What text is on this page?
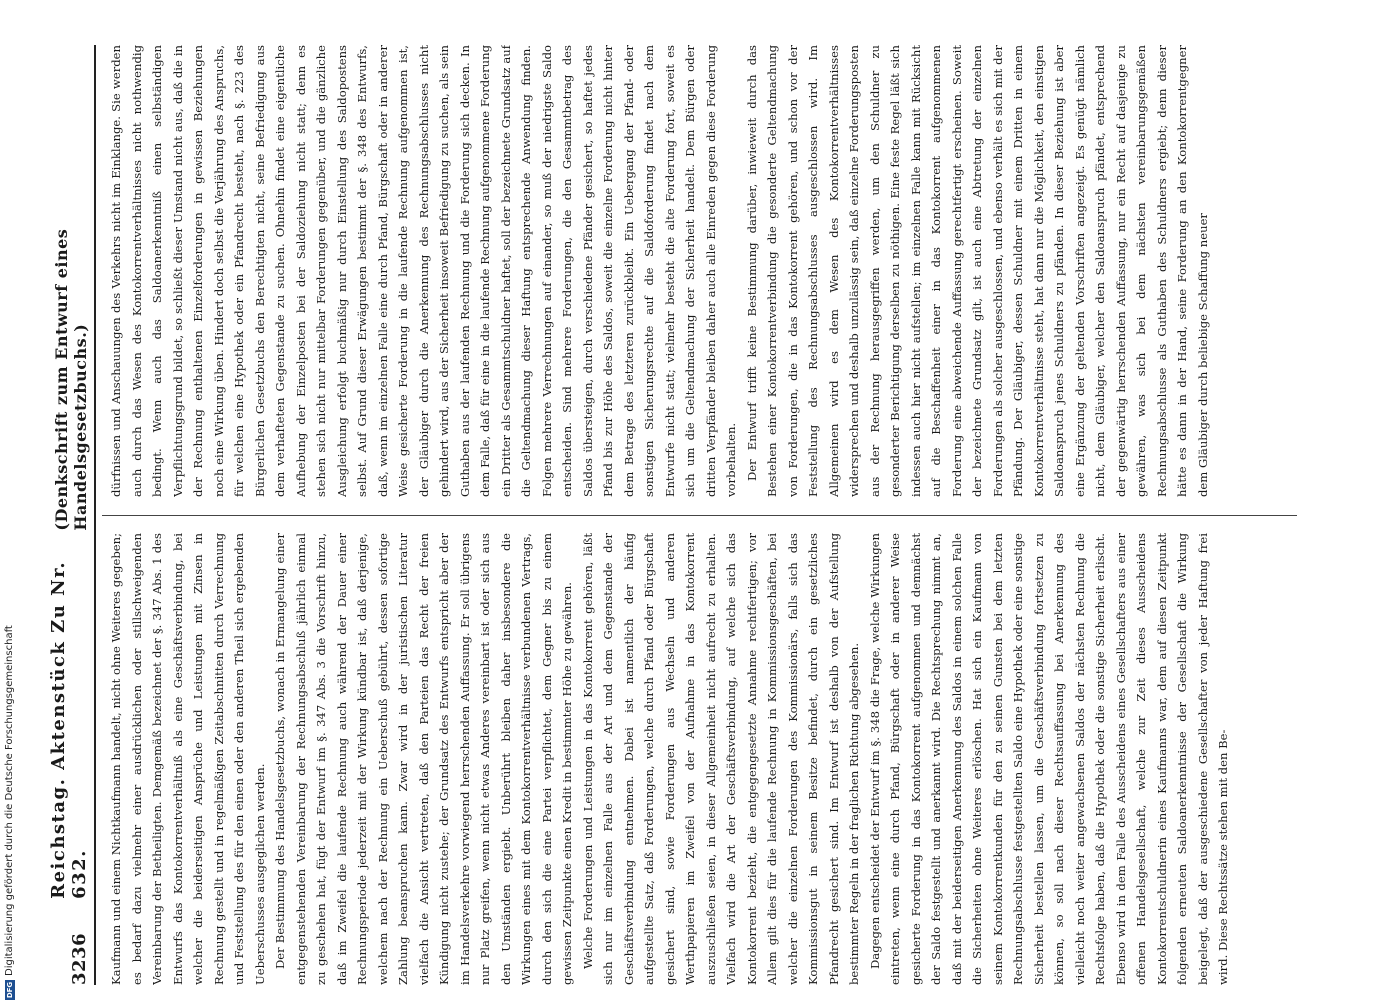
3236
Reichstag. Aktenstück Zu Nr. 632.
(Denkschrift zum Entwurf eines Handelsgesetzbuchs.)

Kaufmann und einem Nichtkaufmann handelt, nicht ohne Weiteres gegeben; es bedarf dazu vielmehr einer ausdrücklichen oder stillschweigenden Vereinbarung der Betheiligten. Demgemäß bezeichnet der §. 347 Abs. 1 des Entwurfs das Kontokorrentverhältniß als eine Geschäftsverbindung, bei welcher die beiderseitigen Ansprüche und Leistungen mit Zinsen in Rechnung gestellt und in regelmäßigen Zeitabschnitten durch Verrechnung und Feststellung des für den einen oder den anderen Theil sich ergebenden Ueberschusses ausgeglichen werden. Der Bestimmung des Handelsgesetzbuchs, wonach in Ermangelung einer entgegenstehenden Vereinbarung der Rechnungsabschluß jährlich einmal zu geschehen hat, fügt der Entwurf im §. 347 Abs. 3 die Vorschrift hinzu, daß im Zweifel die laufende Rechnung auch während der Dauer einer Rechnungsperiode jederzeit mit der Wirkung kündbar ist, daß derjenige, welchem nach der Rechnung ein Ueberschuß gebührt, dessen sofortige Zahlung beanspruchen kann. Zwar wird in der juristischen Literatur vielfach die Ansicht vertreten, daß den Parteien das Recht der freien Kündigung nicht zustehe; der Grundsatz des Entwurfs entspricht aber der im Handelsverkehre vorwiegend herrschenden Auffassung. Er soll übrigens nur Platz greifen, wenn nicht etwas Anderes vereinbart ist oder sich aus den Umständen ergiebt. Unberührt bleiben daher insbesondere die Wirkungen eines mit dem Kontokorrentverhältnisse verbundenen Vertrags, durch den sich die eine Partei verpflichtet, dem Gegner bis zu einem gewissen Zeitpunkte einen Kredit in bestimmter Höhe zu gewähren. Welche Forderungen und Leistungen in das Kontokorrent gehören, läßt sich nur im einzelnen Falle aus der Art und dem Gegenstande der Geschäftsverbindung entnehmen. Dabei ist namentlich der häufig aufgestellte Satz, daß Forderungen, welche durch Pfand oder Bürgschaft gesichert sind, sowie Forderungen aus Wechseln und anderen Werthpapieren im Zweifel von der Aufnahme in das Kontokorrent auszuschließen seien, in dieser Allgemeinheit nicht aufrecht zu erhalten. Vielfach wird die Art der Geschäftsverbindung, auf welche sich das Kontokorrent bezieht, die entgegengesetzte Annahme rechtfertigen; vor Allem gilt dies für die laufende Rechnung in Kommissionsgeschäften, bei welcher die einzelnen Forderungen des Kommissionärs, falls sich das Kommissionsgut in seinem Besitze befindet, durch ein gesetzliches Pfandrecht gesichert sind. Im Entwurf ist deshalb von der Aufstellung bestimmter Regeln in der fraglichen Richtung abgesehen. Dagegen entscheidet der Entwurf im §. 348 die Frage, welche Wirkungen eintreten, wenn eine durch Pfand, Bürgschaft oder in anderer Weise gesicherte Forderung in das Kontokorrent aufgenommen und demnächst der Saldo festgestellt und anerkannt wird. Die Rechtsprechung nimmt an, daß mit der beiderseitigen Anerkennung des Saldos in einem solchen Falle die Sicherheiten ohne Weiteres erlöschen. Hat sich ein Kaufmann von seinem Kontokorrentkunden für den zu seinen Gunsten bei dem letzten Rechnungsabschlusse festgestellten Saldo eine Hypothek oder eine sonstige Sicherheit bestellen lassen, um die Geschäftsverbindung fortsetzen zu können, so soll nach dieser Rechtsauffassung bei Anerkennung des vielleicht noch weiter angewachsenen Saldos der nächsten Rechnung die Rechtsfolge haben, daß die Hypothek oder die sonstige Sicherheit erlischt. Ebenso wird in dem Falle des Ausscheidens eines Gesellschafters aus einer offenen Handelsgesellschaft, welche zur Zeit dieses Ausscheidens Kontokorrentschuldnerin eines Kaufmanns war, dem auf diesen Zeitpunkt folgenden erneuten Saldoanerkenntnisse der Gesellschaft die Wirkung beigelegt, daß der ausgeschiedene Gesellschafter von jeder Haftung frei wird. Diese Rechtssätze stehen mit den Be-

dürfnissen und Anschauungen des Verkehrs nicht im Einklange. Sie werden auch durch das Wesen des Kontokorrentverhältnisses nicht nothwendig bedingt. Wenn auch das Saldoanerkenntniß einen selbständigen Verpflichtungsgrund bildet, so schließt dieser Umstand nicht aus, daß die in der Rechnung enthaltenen Einzelforderungen in gewissen Beziehungen noch eine Wirkung üben. Hindert doch selbst die Verjährung des Anspruchs, für welchen eine Hypothek oder ein Pfandrecht besteht, nach §. 223 des Bürgerlichen Gesetzbuchs den Berechtigten nicht, seine Befriedigung aus dem verhafteten Gegenstande zu suchen. Ohnehin findet eine eigentliche Aufhebung der Einzelposten bei der Saldoziehung nicht statt; denn es stehen sich nicht nur mittelbar Forderungen gegenüber, und die gänzliche Ausgleichung erfolgt buchmäßig nur durch Einstellung des Saldopostens selbst. Auf Grund dieser Erwägungen bestimmt der §. 348 des Entwurfs, daß, wenn im einzelnen Falle eine durch Pfand, Bürgschaft oder in anderer Weise gesicherte Forderung in die laufende Rechnung aufgenommen ist, der Gläubiger durch die Anerkennung des Rechnungsabschlusses nicht gehindert wird, aus der Sicherheit insoweit Befriedigung zu suchen, als sein Guthaben aus der laufenden Rechnung und die Forderung sich decken. In dem Falle, daß für eine in die laufende Rechnung aufgenommene Forderung ein Dritter als Gesammtschuldner haftet, soll der bezeichnete Grundsatz auf die Geltendmachung dieser Haftung entsprechende Anwendung finden. Folgen mehrere Verrechnungen auf einander, so muß der niedrigste Saldo entscheiden. Sind mehrere Forderungen, die den Gesammtbetrag des Saldos übersteigen, durch verschiedene Pfänder gesichert, so haftet jedes Pfand bis zur Höhe des Saldos, soweit die einzelne Forderung nicht hinter dem Betrage des letzteren zurückbleibt. Ein Uebergang der Pfand- oder sonstigen Sicherungsrechte auf die Saldoforderung findet nach dem Entwurfe nicht statt; vielmehr besteht die alte Forderung fort, soweit es sich um die Geltendmachung der Sicherheit handelt. Dem Bürgen oder dritten Verpfänder bleiben daher auch alle Einreden gegen diese Forderung vorbehalten. Der Entwurf trifft keine Bestimmung darüber, inwieweit durch das Bestehen einer Kontokorrentverbindung die gesonderte Geltendmachung von Forderungen, die in das Kontokorrent gehören, und schon vor der Feststellung des Rechnungsabschlusses ausgeschlossen wird. Im Allgemeinen wird es dem Wesen des Kontokorrentverhältnisses widersprechen und deshalb unzulässig sein, daß einzelne Forderungsposten aus der Rechnung herausgegriffen werden, um den Schuldner zu gesonderter Berichtigung derselben zu nöthigen. Eine feste Regel läßt sich indessen auch hier nicht aufstellen; im einzelnen Falle kann mit Rücksicht auf die Beschaffenheit einer in das Kontokorrent aufgenommenen Forderung eine abweichende Auffassung gerechtfertigt erscheinen. Soweit der bezeichnete Grundsatz gilt, ist auch eine Abtretung der einzelnen Forderungen als solcher ausgeschlossen, und ebenso verhält es sich mit der Pfändung. Der Gläubiger, dessen Schuldner mit einem Dritten in einem Kontokorrentverhältnisse steht, hat dann nur die Möglichkeit, den einstigen Saldoanspruch jenes Schuldners zu pfänden. In dieser Beziehung ist aber eine Ergänzung der geltenden Vorschriften angezeigt. Es genügt nämlich nicht, dem Gläubiger, welcher den Saldoanspruch pfändet, entsprechend der gegenwärtig herrschenden Auffassung, nur ein Recht auf dasjenige zu gewähren, was sich bei dem nächsten vereinbarungsgemäßen Rechnungsabschlusse als Guthaben des Schuldners ergiebt; denn dieser hätte es dann in der Hand, seine Forderung an den Kontokorrentgegner dem Gläubiger durch beliebige Schaffung neuer

DFG
Digitalisierung gefördert durch die Deutsche Forschungsgemeinschaft
